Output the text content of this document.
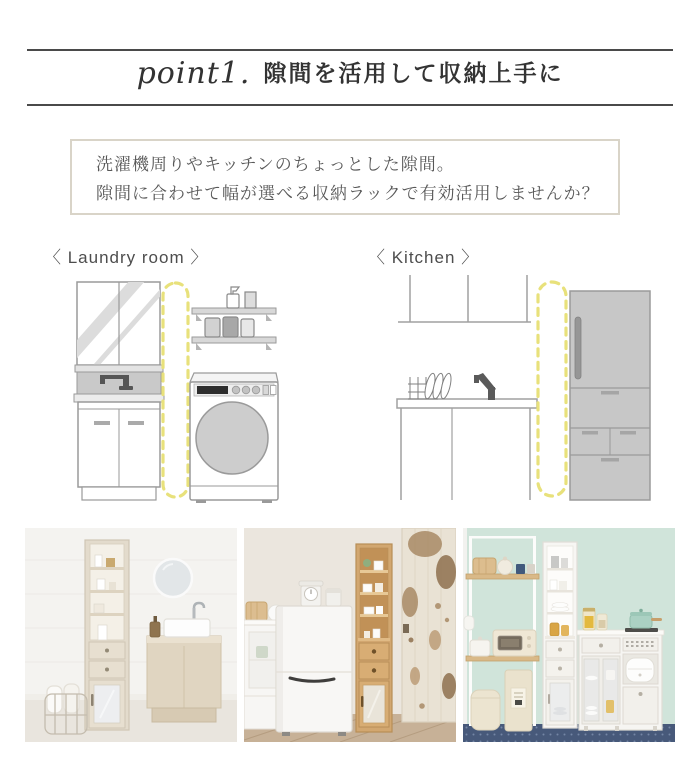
point1. 隙間を活用して収納上手に

洗濯機周りやキッチンのちょっとした隙間。

隙間に合わせて幅が選べる収納ラックで有効活用しませんか？

〈 Laundry room 〉	〈 Kitchen 〉
